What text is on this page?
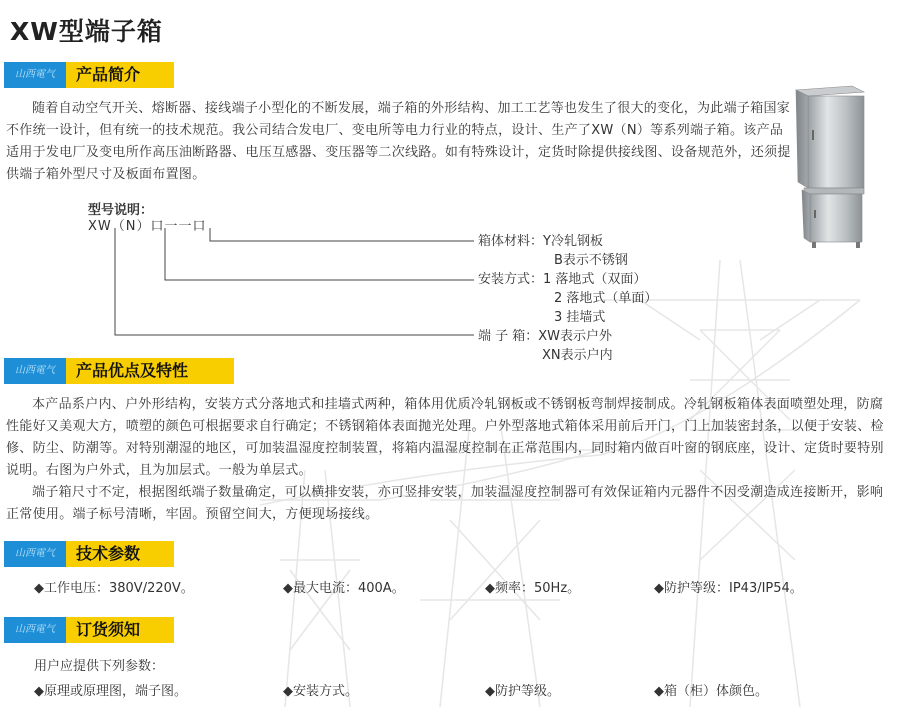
XW型端子箱
山西電气	产品简介

随着自动空气开关、熔断器、接线端子小型化的不断发展，端子箱的外形结构、加工工艺等也发生了很大的变化，为此端子箱国家不作统一设计，但有统一的技术规范。我公司结合发电厂、变电所等电力行业的特点，设计、生产了XW（N）等系列端子箱。该产品适用于发电厂及变电所作高压油断路器、电压互感器、变压器等二次线路。如有特殊设计，定货时除提供接线图、设备规范外，还须提供端子箱外型尺寸及板面布置图。

型号说明：
XW（N）口一一口
箱体材料：Y冷轧钢板
B表示不锈钢
安装方式：1 落地式（双面）
2 落地式（单面）
3 挂墙式
端 子 箱：XW表示户外
XN表示户内
山西電气	产品优点及特性

本产品系户内、户外形结构，安装方式分落地式和挂墙式两种，箱体用优质冷轧钢板或不锈钢板弯制焊接制成。冷轧钢板箱体表面喷塑处理，防腐性能好又美观大方，喷塑的颜色可根据要求自行确定；不锈钢箱体表面抛光处理。户外型落地式箱体采用前后开门，门上加装密封条，以便于安装、检修、防尘、防潮等。对特别潮湿的地区，可加装温湿度控制装置，将箱内温湿度控制在正常范围内，同时箱内做百叶窗的钢底座，设计、定货时要特别说明。右图为户外式，且为加层式。一般为单层式。

端子箱尺寸不定，根据图纸端子数量确定，可以横排安装，亦可竖排安装，加装温湿度控制器可有效保证箱内元器件不因受潮造成连接断开，影响正常使用。端子标号清晰，牢固。预留空间大，方便现场接线。

山西電气	技术参数
◆工作电压：380V/220V。	◆最大电流：400A。	◆频率：50Hz。	◆防护等级：IP43/IP54。
山西電气	订货须知
用户应提供下列参数：
◆原理或原理图，端子图。	◆安装方式。	◆防护等级。	◆箱（柜）体颜色。
